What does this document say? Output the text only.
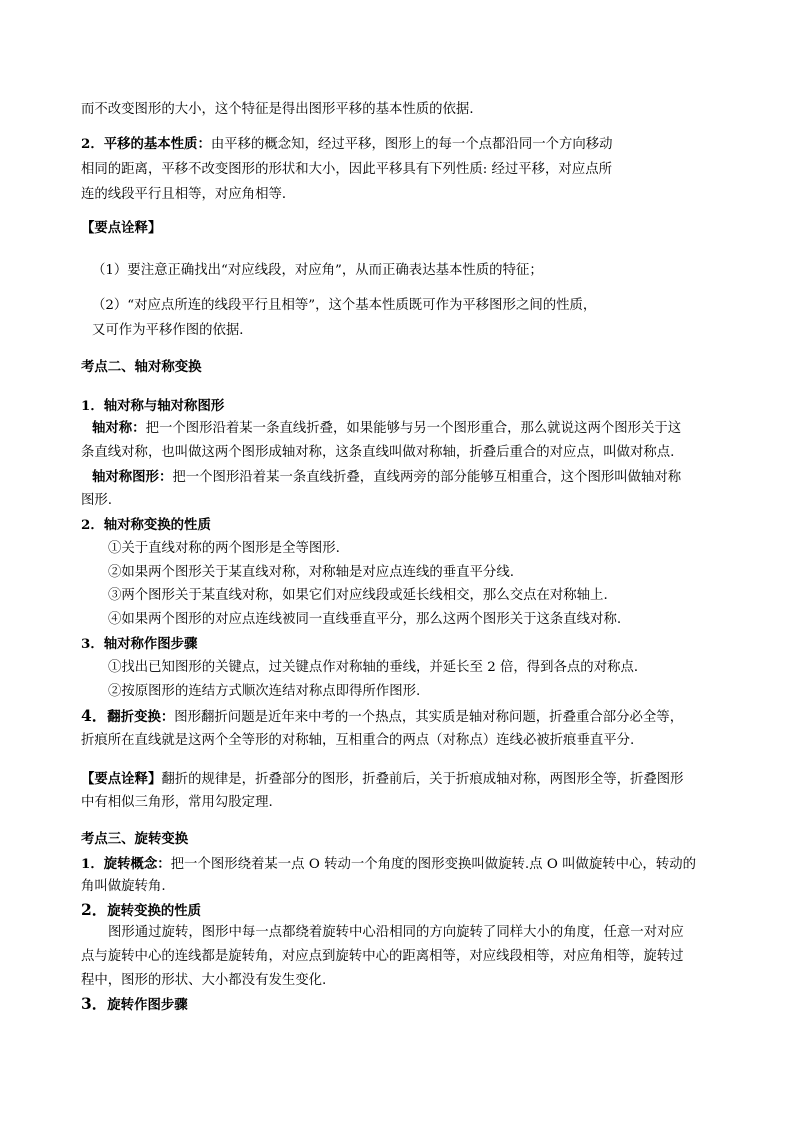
而不改变图形的大小，这个特征是得出图形平移的基本性质的依据．
2．平移的基本性质：由平移的概念知，经过平移，图形上的每一个点都沿同一个方向移动
相同的距离，平移不改变图形的形状和大小，因此平移具有下列性质: 经过平移，对应点所
连的线段平行且相等，对应角相等．
【要点诠释】
（1）要注意正确找出“对应线段，对应角”，从而正确表达基本性质的特征；
（2）“对应点所连的线段平行且相等”，这个基本性质既可作为平移图形之间的性质，
又可作为平移作图的依据．
考点二、轴对称变换
1．轴对称与轴对称图形
轴对称：把一个图形沿着某一条直线折叠，如果能够与另一个图形重合，那么就说这两个图形关于这
条直线对称，也叫做这两个图形成轴对称，这条直线叫做对称轴，折叠后重合的对应点，叫做对称点.
轴对称图形：把一个图形沿着某一条直线折叠，直线两旁的部分能够互相重合，这个图形叫做轴对称
图形.
2．轴对称变换的性质
①关于直线对称的两个图形是全等图形.
②如果两个图形关于某直线对称，对称轴是对应点连线的垂直平分线.
③两个图形关于某直线对称，如果它们对应线段或延长线相交，那么交点在对称轴上.
④如果两个图形的对应点连线被同一直线垂直平分，那么这两个图形关于这条直线对称.
3．轴对称作图步骤
①找出已知图形的关键点，过关键点作对称轴的垂线，并延长至 2 倍，得到各点的对称点．
②按原图形的连结方式顺次连结对称点即得所作图形.
4．翻折变换：图形翻折问题是近年来中考的一个热点，其实质是轴对称问题，折叠重合部分必全等，
折痕所在直线就是这两个全等形的对称轴，互相重合的两点（对称点）连线必被折痕垂直平分.
【要点诠释】翻折的规律是，折叠部分的图形，折叠前后，关于折痕成轴对称，两图形全等，折叠图形
中有相似三角形，常用勾股定理.
考点三、旋转变换
1．旋转概念：把一个图形绕着某一点 O 转动一个角度的图形变换叫做旋转.点 O 叫做旋转中心，转动的
角叫做旋转角.
2．旋转变换的性质
图形通过旋转，图形中每一点都绕着旋转中心沿相同的方向旋转了同样大小的角度，任意一对对应
点与旋转中心的连线都是旋转角，对应点到旋转中心的距离相等，对应线段相等，对应角相等，旋转过
程中，图形的形状、大小都没有发生变化.
3．旋转作图步骤
